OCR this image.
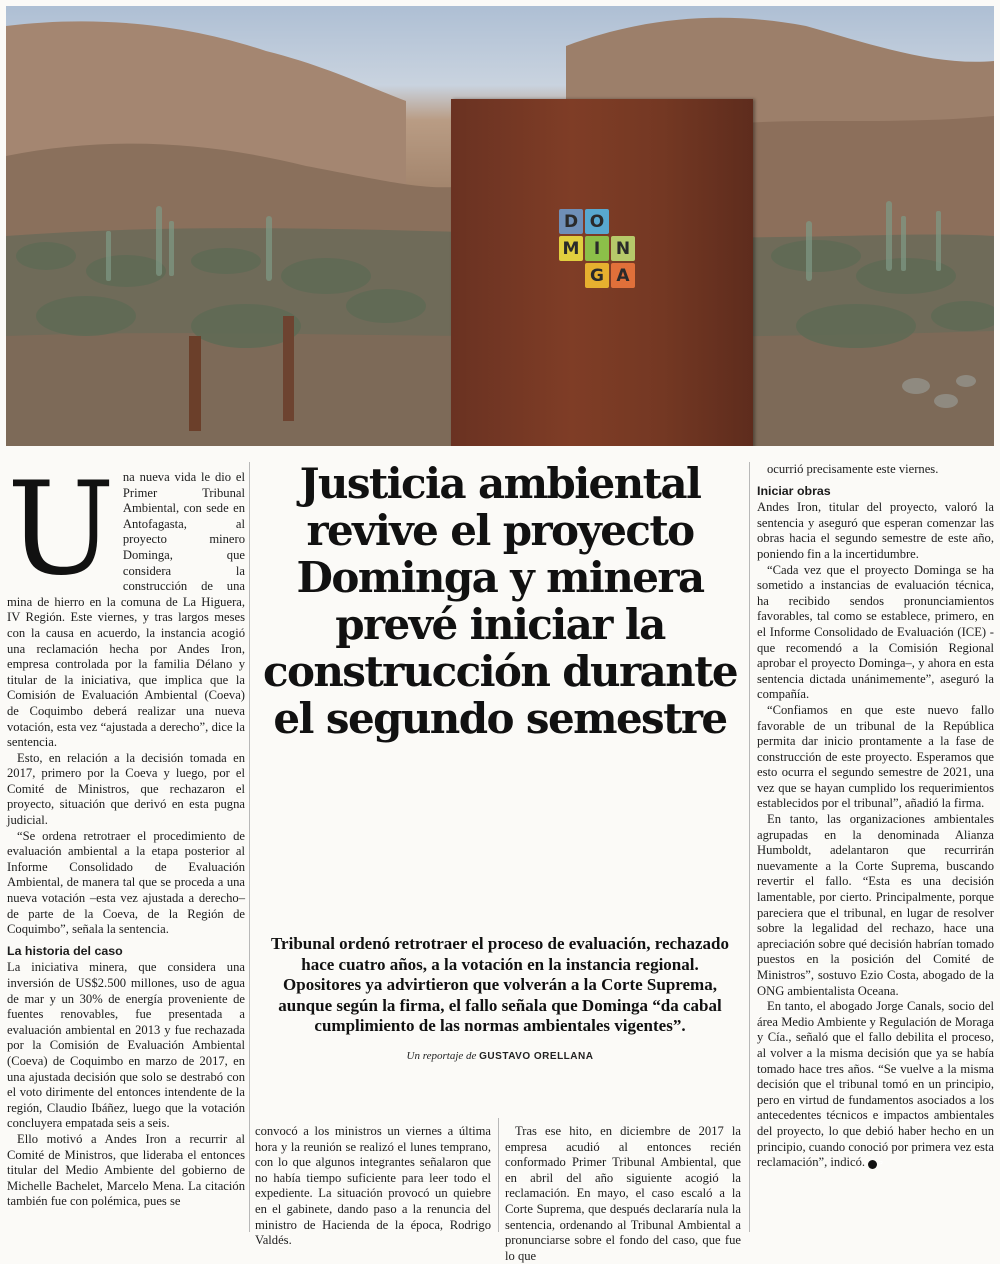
D O
M I N
G A

Una nueva vida le dio el Primer Tribunal Ambiental, con sede en Antofagasta, al proyecto minero Dominga, que considera la construcción de una mina de hierro en la comuna de La Higuera, IV Región. Este viernes, y tras largos meses con la causa en acuerdo, la instancia acogió una reclamación hecha por Andes Iron, empresa controlada por la familia Délano y titular de la iniciativa, que implica que la Comisión de Evaluación Ambiental (Coeva) de Coquimbo deberá realizar una nueva votación, esta vez “ajustada a derecho”, dice la sentencia.

Esto, en relación a la decisión tomada en 2017, primero por la Coeva y luego, por el Comité de Ministros, que rechazaron el proyecto, situación que derivó en esta pugna judicial.

“Se ordena retrotraer el procedimiento de evaluación ambiental a la etapa posterior al Informe Consolidado de Evaluación Ambiental, de manera tal que se proceda a una nueva votación –esta vez ajustada a derecho– de parte de la Coeva, de la Región de Coquimbo”, señala la sentencia.

La historia del caso

La iniciativa minera, que considera una inversión de US$2.500 millones, uso de agua de mar y un 30% de energía proveniente de fuentes renovables, fue presentada a evaluación ambiental en 2013 y fue rechazada por la Comisión de Evaluación Ambiental (Coeva) de Coquimbo en marzo de 2017, en una ajustada decisión que solo se destrabó con el voto dirimente del entonces intendente de la región, Claudio Ibáñez, luego que la votación concluyera empatada seis a seis.

Ello motivó a Andes Iron a recurrir al Comité de Ministros, que lideraba el entonces titular del Medio Ambiente del gobierno de Michelle Bachelet, Marcelo Mena. La citación también fue con polémica, pues se

Justicia ambiental revive el proyecto Dominga y minera prevé iniciar la construcción durante el segundo semestre

Tribunal ordenó retrotraer el proceso de evaluación, rechazado hace cuatro años, a la votación en la instancia regional. Opositores ya advirtieron que volverán a la Corte Suprema, aunque según la firma, el fallo señala que Dominga “da cabal cumplimiento de las normas ambientales vigentes”.

Un reportaje de GUSTAVO ORELLANA

convocó a los ministros un viernes a última hora y la reunión se realizó el lunes temprano, con lo que algunos integrantes señalaron que no había tiempo suficiente para leer todo el expediente. La situación provocó un quiebre en el gabinete, dando paso a la renuncia del ministro de Hacienda de la época, Rodrigo Valdés.

Tras ese hito, en diciembre de 2017 la empresa acudió al entonces recién conformado Primer Tribunal Ambiental, que en abril del año siguiente acogió la reclamación. En mayo, el caso escaló a la Corte Suprema, que después declararía nula la sentencia, ordenando al Tribunal Ambiental a pronunciarse sobre el fondo del caso, que fue lo que

ocurrió precisamente este viernes.

Iniciar obras

Andes Iron, titular del proyecto, valoró la sentencia y aseguró que esperan comenzar las obras hacia el segundo semestre de este año, poniendo fin a la incertidumbre.

“Cada vez que el proyecto Dominga se ha sometido a instancias de evaluación técnica, ha recibido sendos pronunciamientos favorables, tal como se establece, primero, en el Informe Consolidado de Evaluación (ICE) -que recomendó a la Comisión Regional aprobar el proyecto Dominga–, y ahora en esta sentencia dictada unánimemente”, aseguró la compañía.

“Confiamos en que este nuevo fallo favorable de un tribunal de la República permita dar inicio prontamente a la fase de construcción de este proyecto. Esperamos que esto ocurra el segundo semestre de 2021, una vez que se hayan cumplido los requerimientos establecidos por el tribunal”, añadió la firma.

En tanto, las organizaciones ambientales agrupadas en la denominada Alianza Humboldt, adelantaron que recurrirán nuevamente a la Corte Suprema, buscando revertir el fallo. “Esta es una decisión lamentable, por cierto. Principalmente, porque pareciera que el tribunal, en lugar de resolver sobre la legalidad del rechazo, hace una apreciación sobre qué decisión habrían tomado puestos en la posición del Comité de Ministros”, sostuvo Ezio Costa, abogado de la ONG ambientalista Oceana.

En tanto, el abogado Jorge Canals, socio del área Medio Ambiente y Regulación de Moraga y Cía., señaló que el fallo debilita el proceso, al volver a la misma decisión que ya se había tomado hace tres años. “Se vuelve a la misma decisión que el tribunal tomó en un principio, pero en virtud de fundamentos asociados a los antecedentes técnicos e impactos ambientales del proyecto, lo que debió haber hecho en un principio, cuando conoció por primera vez esta reclamación”, indicó. P
